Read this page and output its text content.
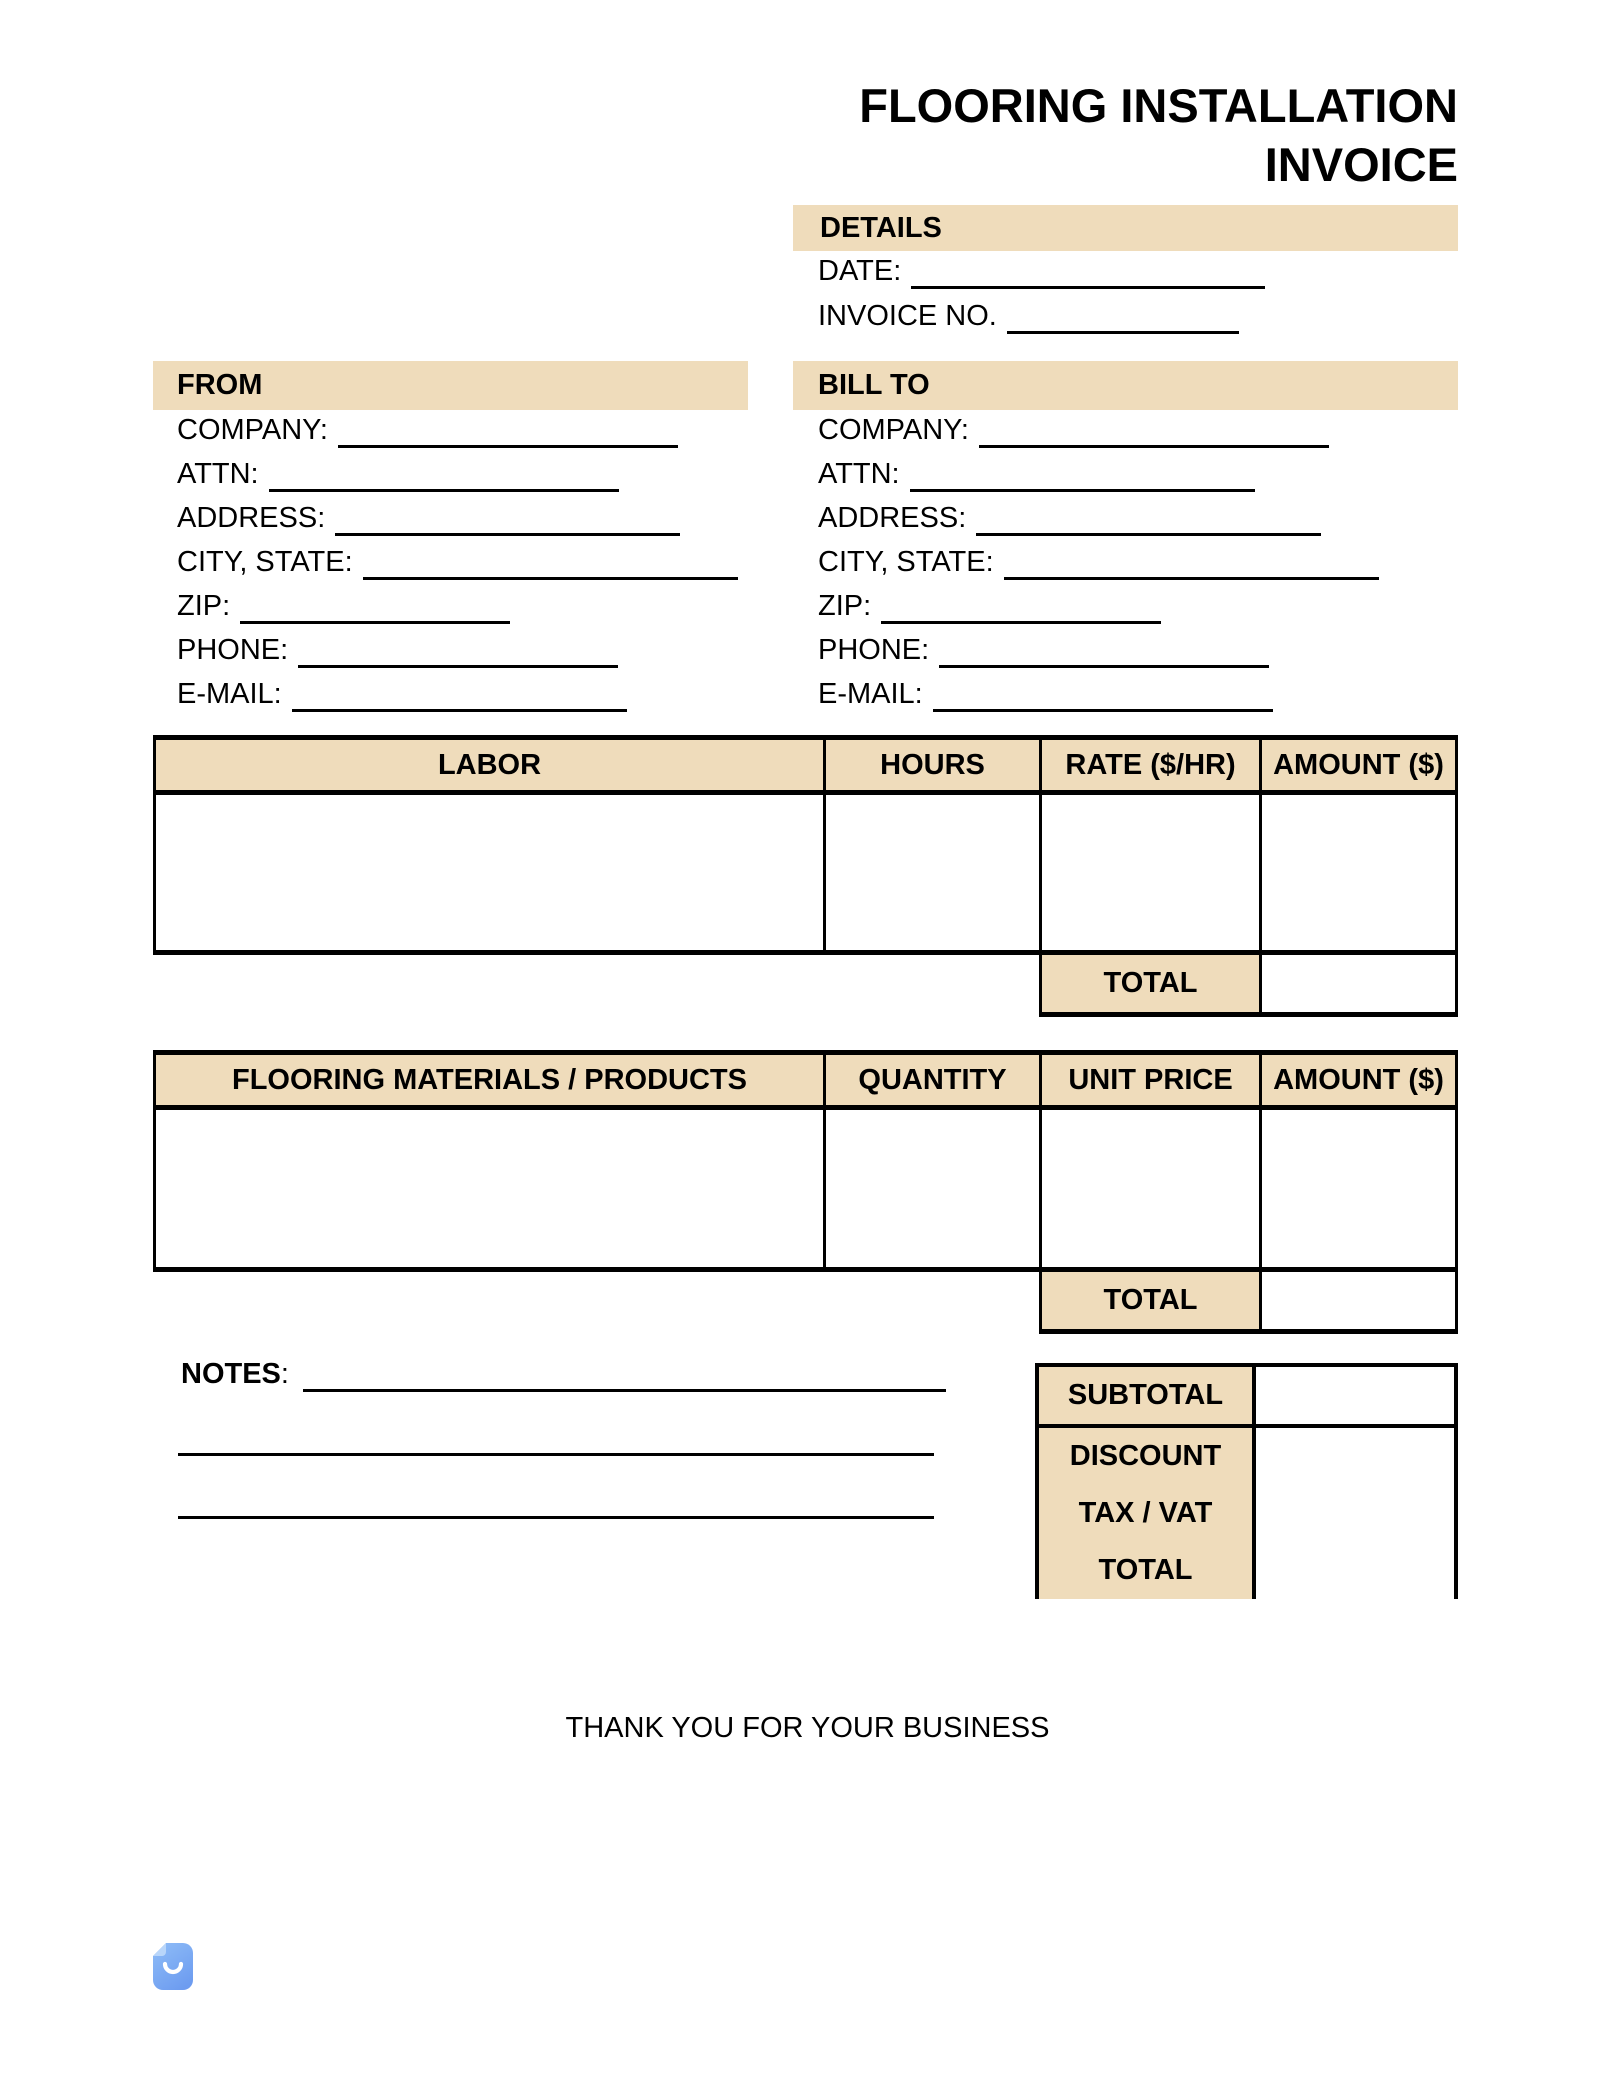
FLOORING INSTALLATION
INVOICE
DETAILS
DATE:
INVOICE NO.
FROM
COMPANY:
ATTN:
ADDRESS:
CITY, STATE:
ZIP:
PHONE:
E-MAIL:
BILL TO
COMPANY:
ATTN:
ADDRESS:
CITY, STATE:
ZIP:
PHONE:
E-MAIL:
LABOR	HOURS	RATE ($/HR)	AMOUNT ($)
TOTAL
FLOORING MATERIALS / PRODUCTS	QUANTITY	UNIT PRICE	AMOUNT ($)
TOTAL
NOTES :
SUBTOTAL
DISCOUNT
TAX / VAT
TOTAL
THANK YOU FOR YOUR BUSINESS
